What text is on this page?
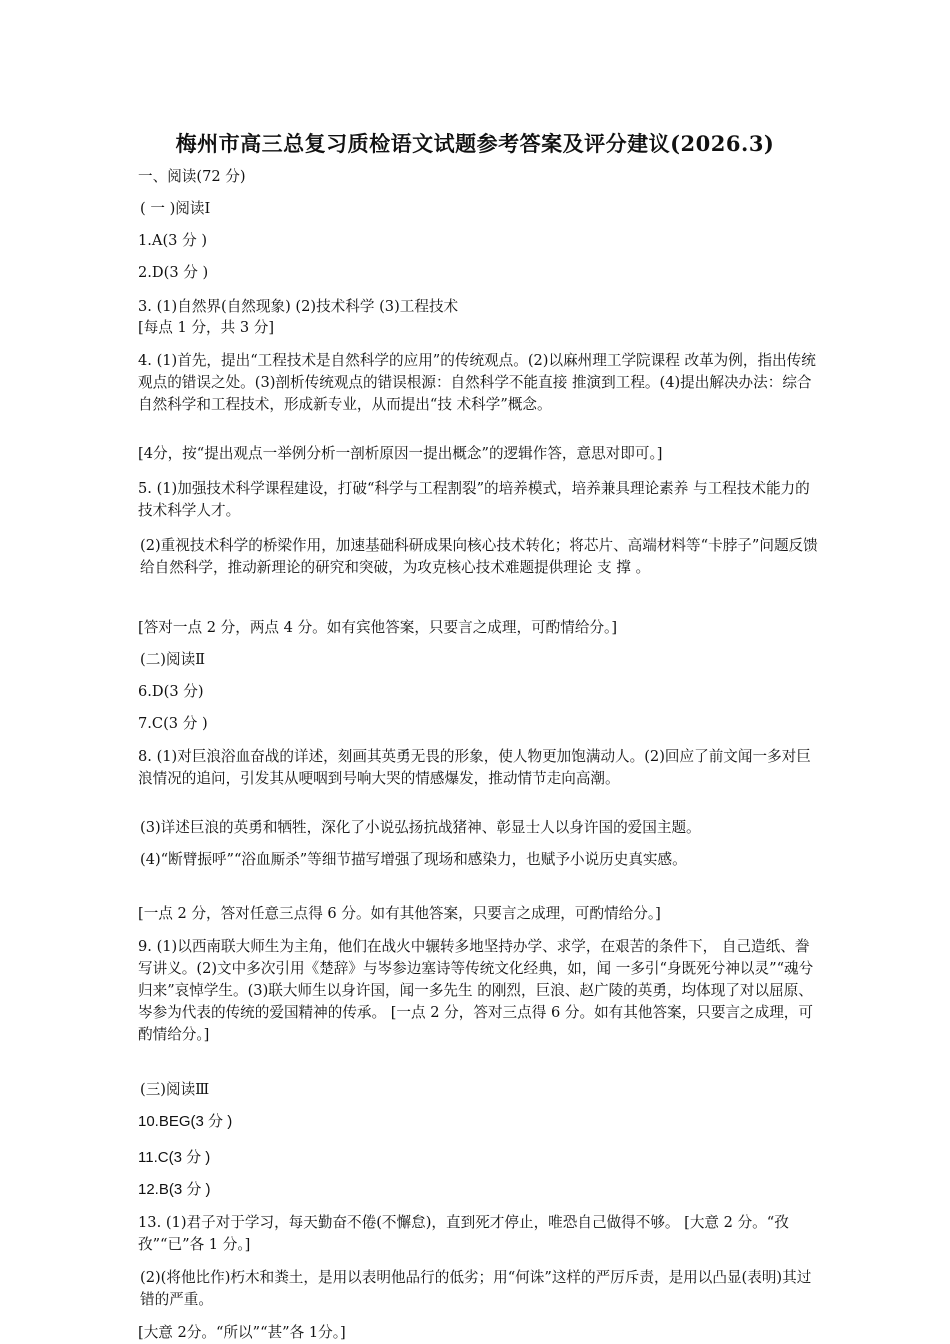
梅州市高三总复习质检语文试题参考答案及评分建议(2026.3)
一、阅读(72 分)
( 一 )阅读Ⅰ
1.A(3 分 )
2.D(3 分 )
3. (1)自然界(自然现象) (2)技术科学 (3)工程技术
[每点 1 分，共 3 分]
4. (1)首先，提出“工程技术是自然科学的应用”的传统观点。(2)以麻州理工学院课程 改革为例，指出传统观点的错误之处。(3)剖析传统观点的错误根源：自然科学不能直接 推演到工程。(4)提出解决办法：综合自然科学和工程技术，形成新专业，从而提出“技 术科学”概念。
[4分，按“提出观点一举例分析一剖析原因一提出概念”的逻辑作答，意思对即可。]
5. (1)加强技术科学课程建设，打破“科学与工程割裂”的培养模式，培养兼具理论素养 与工程技术能力的技术科学人才。
(2)重视技术科学的桥梁作用，加速基础科研成果向核心技术转化；将芯片、高端材料等“卡脖子”问题反馈给自然科学，推动新理论的研究和突破，为攻克核心技术难题提供理论 支 撑 。
[答对一点 2 分，两点 4 分。如有宾他答案，只要言之成理，可酌情给分。]
(二)阅读Ⅱ
6.D(3 分)
7.C(3 分 )
8. (1)对巨浪浴血奋战的详述，刻画其英勇无畏的形象，使人物更加饱满动人。(2)回应了前文闻一多对巨浪情况的追问，引发其从哽咽到号响大哭的情感爆发，推动情节走向高潮。
(3)详述巨浪的英勇和牺牲，深化了小说弘扬抗战猪神、彰显士人以身许国的爱国主题。
(4)“断臂振呼”“浴血厮杀”等细节描写增强了现场和感染力，也赋予小说历史真实感。
[一点 2 分，答对任意三点得 6 分。如有其他答案，只要言之成理，可酌情给分。]
9. (1)以西南联大师生为主角，他们在战火中辗转多地坚持办学、求学，在艰苦的条件下， 自己造纸、誊写讲义。(2)文中多次引用《楚辞》与岑参边塞诗等传统文化经典，如，闻 一多引“身既死兮神以灵”“魂兮归来”哀悼学生。(3)联大师生以身许国，闻一多先生 的刚烈，巨浪、赵广陵的英勇，均体现了对以屈原、岑参为代表的传统的爱国精神的传承。 [一点 2 分，答对三点得 6 分。如有其他答案，只要言之成理，可酌情给分。]
(三)阅读Ⅲ
10.BEG(3 分 )
11.C(3 分 )
12.B(3 分 )
13. (1)君子对于学习，每天勤奋不倦(不懈怠)，直到死才停止，唯恐自己做得不够。 [大意 2 分。“孜孜”“已”各 1 分。]
(2)(将他比作)朽木和粪土，是用以表明他品行的低劣；用“何诛”这样的严厉斥责，是用以凸显(表明)其过错的严重。
[大意 2分。“所以”“甚”各 1分。]
